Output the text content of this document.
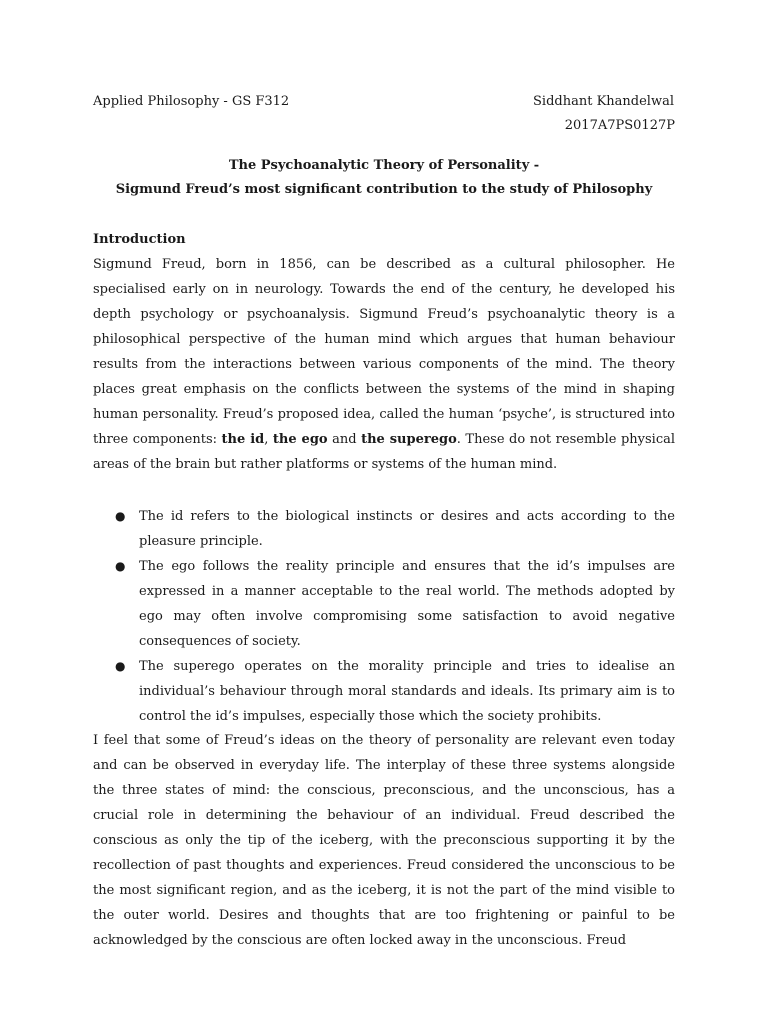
Applied Philosophy - GS F312	Siddhant Khandelwal
2017A7PS0127P
The Psychoanalytic Theory of Personality -
Sigmund Freud’s most significant contribution to the study of Philosophy
Introduction

Sigmund Freud, born in 1856, can be described as a cultural philosopher. He specialised early on in neurology. Towards the end of the century, he developed his depth psychology or psychoanalysis. Sigmund Freud’s psychoanalytic theory is a philosophical perspective of the human mind which argues that human behaviour results from the interactions between various components of the mind. The theory places great emphasis on the conflicts between the systems of the mind in shaping human personality. Freud’s proposed idea, called the human ‘psyche’, is structured into three components: the id, the ego and the superego. These do not resemble physical areas of the brain but rather platforms or systems of the human mind.

● The id refers to the biological instincts or desires and acts according to the pleasure principle.
● The ego follows the reality principle and ensures that the id’s impulses are expressed in a manner acceptable to the real world. The methods adopted by ego may often involve compromising some satisfaction to avoid negative consequences of society.
● The superego operates on the morality principle and tries to idealise an individual’s behaviour through moral standards and ideals. Its primary aim is to control the id’s impulses, especially those which the society prohibits.

I feel that some of Freud’s ideas on the theory of personality are relevant even today and can be observed in everyday life. The interplay of these three systems alongside the three states of mind: the conscious, preconscious, and the unconscious, has a crucial role in determining the behaviour of an individual. Freud described the conscious as only the tip of the iceberg, with the preconscious supporting it by the recollection of past thoughts and experiences. Freud considered the unconscious to be the most significant region, and as the iceberg, it is not the part of the mind visible to the outer world. Desires and thoughts that are too frightening or painful to be acknowledged by the conscious are often locked away in the unconscious. Freud
